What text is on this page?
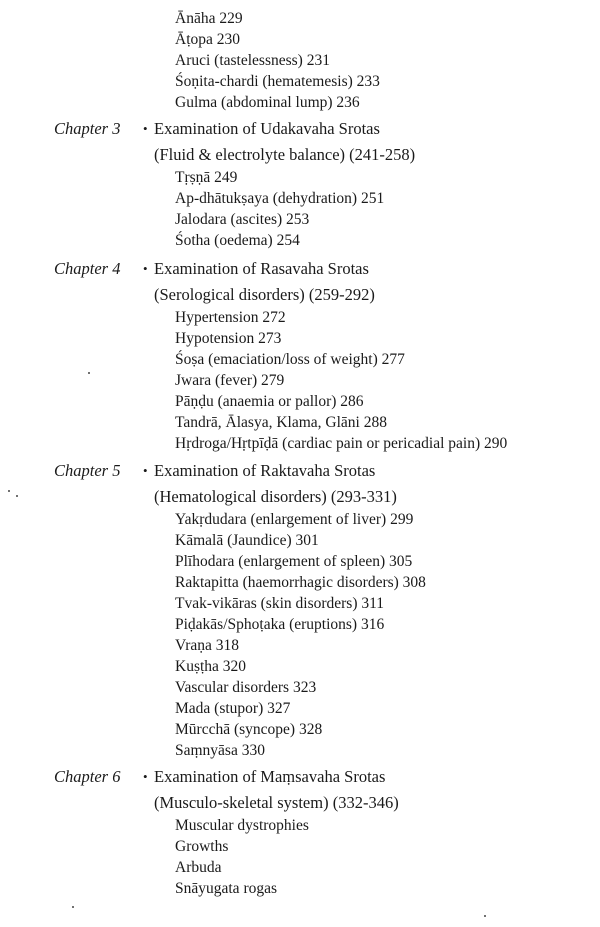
Ānāha 229
Āṭopa 230
Aruci (tastelessness) 231
Śoṇita-chardi (hematemesis) 233
Gulma (abdominal lump) 236
Chapter 3 • Examination of Udakavaha Srotas
(Fluid & electrolyte balance) (241-258)
Tṛṣṇā 249
Ap-dhātukṣaya (dehydration) 251
Jalodara (ascites) 253
Śotha (oedema) 254
Chapter 4 • Examination of Rasavaha Srotas
(Serological disorders) (259-292)
Hypertension 272
Hypotension 273
Śoṣa (emaciation/loss of weight) 277
Jwara (fever) 279
Pāṇḍu (anaemia or pallor) 286
Tandrā, Ālasya, Klama, Glāni 288
Hṛdroga/Hṛtpīḍā (cardiac pain or pericadial pain) 290
Chapter 5 • Examination of Raktavaha Srotas
(Hematological disorders) (293-331)
Yakṛdudara (enlargement of liver) 299
Kāmalā (Jaundice) 301
Plīhodara (enlargement of spleen) 305
Raktapitta (haemorrhagic disorders) 308
Tvak-vikāras (skin disorders) 311
Piḍakās/Sphoṭaka (eruptions) 316
Vraṇa 318
Kuṣṭha 320
Vascular disorders 323
Mada (stupor) 327
Mūrcchā (syncope) 328
Saṃnyāsa 330
Chapter 6 • Examination of Maṃsavaha Srotas
(Musculo-skeletal system) (332-346)
Muscular dystrophies
Growths
Arbuda
Snāyugata rogas
